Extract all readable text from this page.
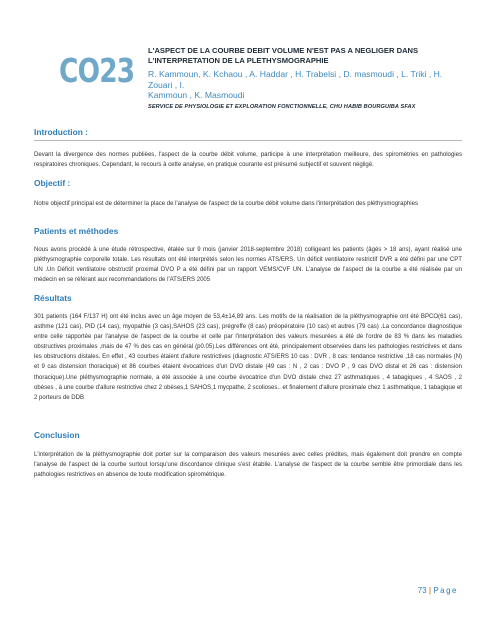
CO23

L'ASPECT DE LA COURBE DEBIT VOLUME N'EST PAS A NEGLIGER DANS

L'INTERPRETATION DE LA PLETHYSMOGRAPHIE

R. Kammoun, K. Kchaou , A. Haddar , H. Trabelsi , D. masmoudi , L. Triki , H. Zouari , I.
Kammoun , K. Masmoudi
SERVICE DE PHYSIOLOGIE ET EXPLORATION FONCTIONNELLE, CHU HABIB BOURGUIBA SFAX

Introduction :

Devant la divergence des normes publiées, l'aspect de la courbe débit volume, participe à une interprétation meilleure, des spiromètries en pathologies respiratoires chroniques. Cependant, le recours à cette analyse, en pratique courante est présumé subjectif et souvent négligé.

Objectif :

Notre objectif principal est de déterminer la place de l'analyse de l'aspect de la courbe débit volume dans l'interprétation des pléthysmographies

Patients et méthodes

Nous avons procédé à une étude rétrospective, étalée sur 9 mois (janvier 2018-septembre 2018) colligeant les patients (âgés > 18 ans), ayant réalisé une pléthysmographie corporelle totale. Les résultats ont été interprétés selon les normes ATS/ERS. Un déficit ventilatoire restrictif DVR a été défini par une CPT UN .Un Déficit ventilatoire obstructif proximal DVO P a été défini par un rapport VEMS/CVF UN. L'analyse de l'aspect de la courbe a été réalisée par un médecin en se référant aux recommandations de l'ATS/ERS 2005

Résultats

301 patients (164 F/137 H) ont été inclus avec un âge moyen de 53,4±14,89 ans. Les motifs de la réalisation de la pléthysmographie ont été BPCO(61 cas), asthme (121 cas), PID (14 cas), myopathie (3 cas),SAHOS (23 cas), prégreffe (8 cas) préopératoire (10 cas) et autres (79 cas) .La concordance diagnostique entre celle rapportée par l'analyse de l'aspect de la courbe et celle par l'interprétation des valeurs mesurées a été de l'ordre de 83 % dans les maladies obstructives proximales ,mais de 47 % des cas en général (p0.05).Les différences ont été, principalement observées dans les pathologies restrictives et dans les obstructions distales. En effet , 43 courbes étaient d'allure restrictives (diagnostic ATS/ERS 10 cas : DVR , 8 cas: tendance restrictive ,18 cas normales (N) et 9 cas distension thoracique) et 86 courbes étaient évocatrices d'un DVO distale (49 cas : N , 2 cas : DVO P , 9 cas DVO distal et 26 cas : distension thoracique).Une pléthysmographie normale, a été associée à une courbe évocatrice d'un DVO distale chez 27 asthmatiques , 4 tabagiques , 4 SAOS , 2 obèses , à une courbe d'allure restrictive chez 2 obèses,1 SAHOS,1 mycpathe, 2 scolioses.. et finalement d'allure proximale chez 1 asthmatique, 1 tabagique et 2 porteurs de DDB

Conclusion

L'interprétation de la pléthysmographie doit porter sur la comparaison des valeurs mesurées avec celles prédites, mais également doit prendre en compte l'analyse de l'aspect de la courbe surtout lorsqu'une discordance clinique s'est établie. L'analyse de l'aspect de la courbe semble être primordiale dans les pathologies restrictives en absence de toute modification spirométrique.

73 | Page
